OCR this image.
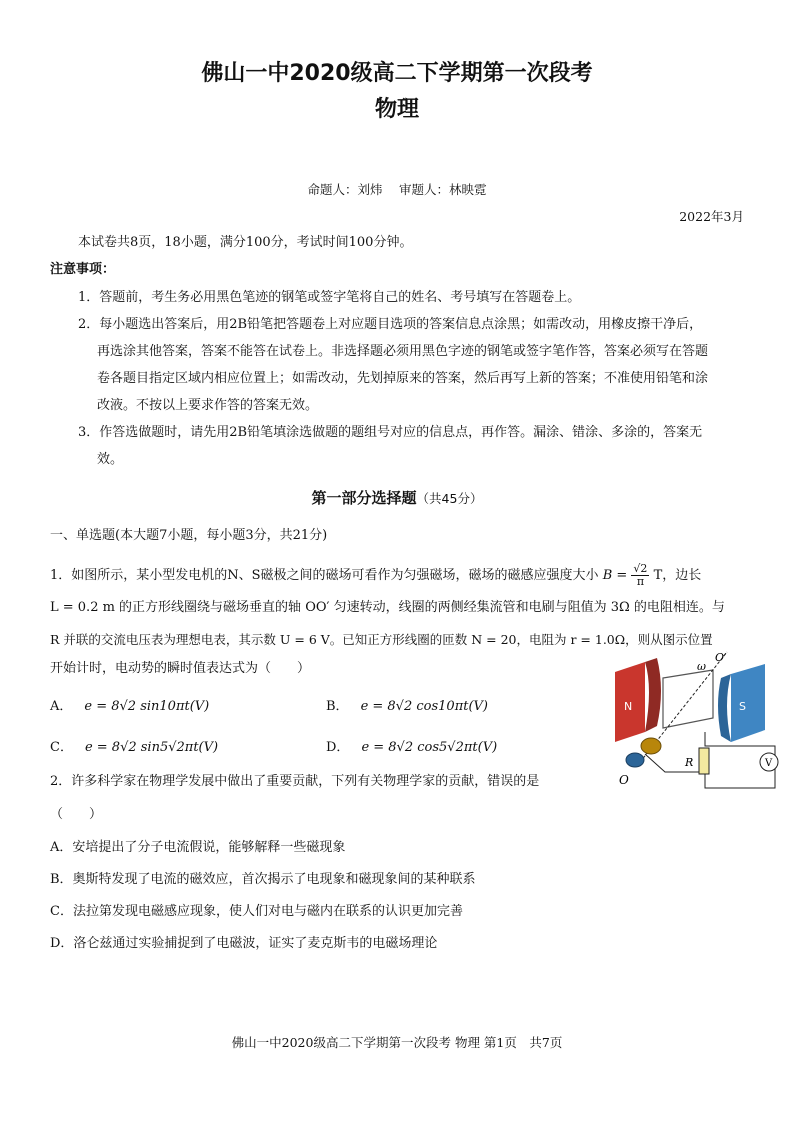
佛山一中2020级高二下学期第一次段考
物理
命题人：刘炜　 审题人：林映霓
2022年3月
本试卷共8页，18小题，满分100分，考试时间100分钟。
注意事项：
1．答题前，考生务必用黑色笔迹的钢笔或签字笔将自己的姓名、考号填写在答题卷上。
2．每小题选出答案后，用2B铅笔把答题卷上对应题目选项的答案信息点涂黑；如需改动，用橡皮擦干净后，
再选涂其他答案，答案不能答在试卷上。非选择题必须用黑色字迹的钢笔或签字笔作答，答案必须写在答题
卷各题目指定区域内相应位置上；如需改动，先划掉原来的答案，然后再写上新的答案；不准使用铅笔和涂
改液。不按以上要求作答的答案无效。
3．作答选做题时，请先用2B铅笔填涂选做题的题组号对应的信息点，再作答。漏涂、错涂、多涂的，答案无
效。
第一部分选择题（共45分）
一、单选题(本大题7小题，每小题3分，共21分)
1．如图所示，某小型发电机的N、S磁极之间的磁场可看作为匀强磁场，磁场的磁感应强度大小 $B = \frac{√2}{\pi}$ T，边长
L = 0.2 m 的正方形线圈绕与磁场垂直的轴 OO′ 匀速转动，线圈的两侧经集流管和电刷与阻值为 3Ω 的电阻相连。与
R 并联的交流电压表为理想电表，其示数 U = 6 V。已知正方形线圈的匝数 N = 20，电阻为 r = 1.0Ω，则从图示位置
开始计时，电动势的瞬时值表达式为（　　）
A． e = 8√2 sin10πt(V)	B． e = 8√2 cos10πt(V)
C． e = 8√2 sin5√2πt(V)	D． e = 8√2 cos5√2πt(V)
N	S
O
O′
ω
R	V
2．许多科学家在物理学发展中做出了重要贡献，下列有关物理学家的贡献，错误的是
（　　）
A．安培提出了分子电流假说，能够解释一些磁现象
B．奥斯特发现了电流的磁效应，首次揭示了电现象和磁现象间的某种联系
C．法拉第发现电磁感应现象，使人们对电与磁内在联系的认识更加完善
D．洛仑兹通过实验捕捉到了电磁波，证实了麦克斯韦的电磁场理论
佛山一中2020级高二下学期第一次段考 物理 第1页　共7页
